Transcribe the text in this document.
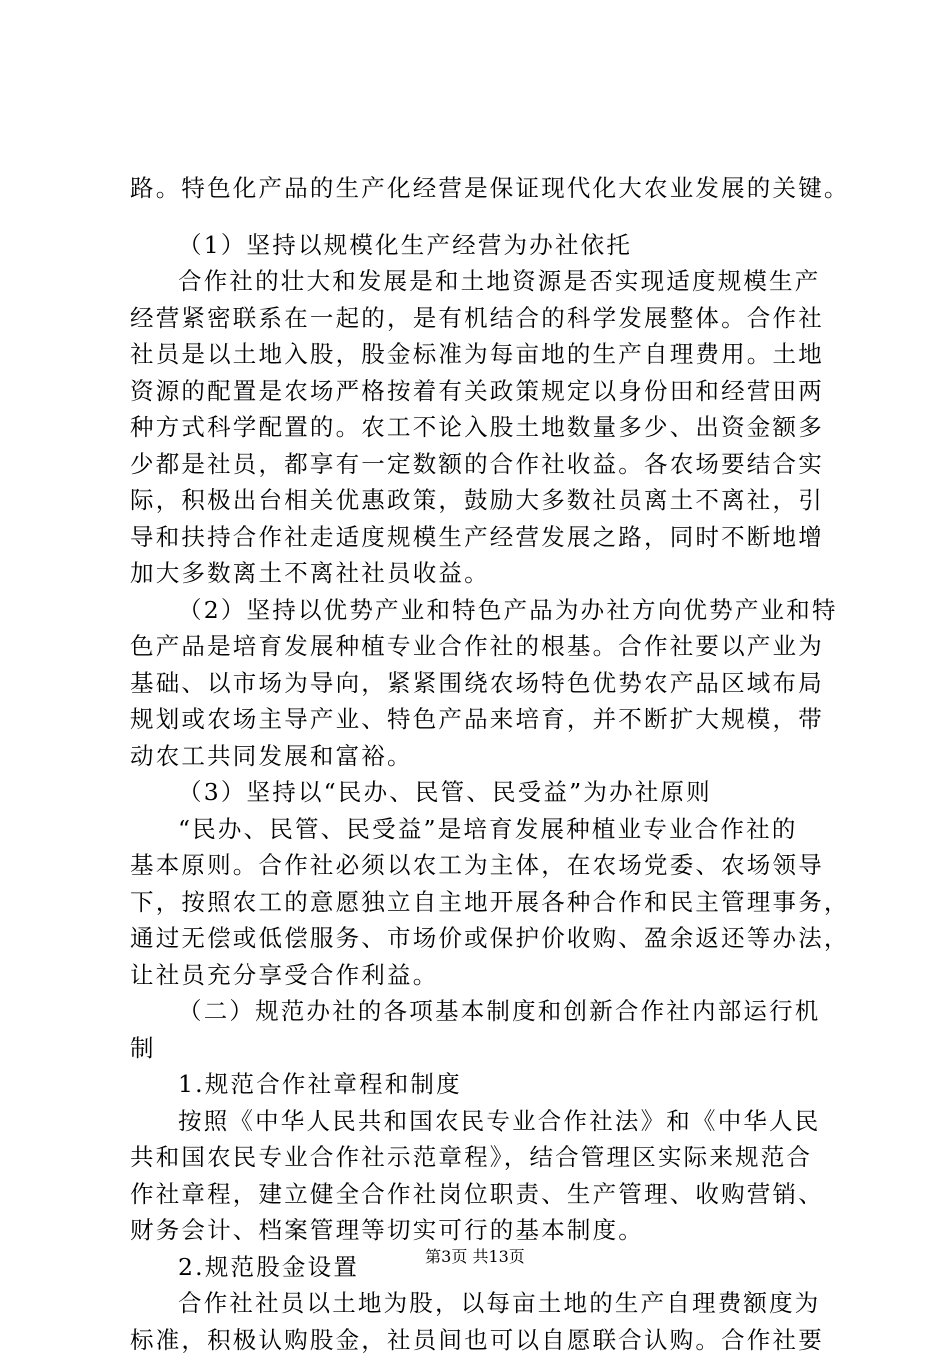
路。特色化产品的生产化经营是保证现代化大农业发展的关键。
（1）坚持以规模化生产经营为办社依托
合作社的壮大和发展是和土地资源是否实现适度规模生产
经营紧密联系在一起的，是有机结合的科学发展整体。合作社
社员是以土地入股，股金标准为每亩地的生产自理费用。土地
资源的配置是农场严格按着有关政策规定以身份田和经营田两
种方式科学配置的。农工不论入股土地数量多少、出资金额多
少都是社员，都享有一定数额的合作社收益。各农场要结合实
际，积极出台相关优惠政策，鼓励大多数社员离土不离社，引
导和扶持合作社走适度规模生产经营发展之路，同时不断地增
加大多数离土不离社社员收益。
（2）坚持以优势产业和特色产品为办社方向优势产业和特
色产品是培育发展种植专业合作社的根基。合作社要以产业为
基础、以市场为导向，紧紧围绕农场特色优势农产品区域布局
规划或农场主导产业、特色产品来培育，并不断扩大规模，带
动农工共同发展和富裕。
（3）坚持以“民办、民管、民受益”为办社原则
“民办、民管、民受益”是培育发展种植业专业合作社的
基本原则。合作社必须以农工为主体，在农场党委、农场领导
下，按照农工的意愿独立自主地开展各种合作和民主管理事务，
通过无偿或低偿服务、市场价或保护价收购、盈余返还等办法，
让社员充分享受合作利益。
（二）规范办社的各项基本制度和创新合作社内部运行机
制
1.规范合作社章程和制度
按照《中华人民共和国农民专业合作社法》和《中华人民
共和国农民专业合作社示范章程》，结合管理区实际来规范合
作社章程，建立健全合作社岗位职责、生产管理、收购营销、
财务会计、档案管理等切实可行的基本制度。
2.规范股金设置
合作社社员以土地为股，以每亩土地的生产自理费额度为
标准，积极认购股金，社员间也可以自愿联合认购。合作社要
第3页 共13页
